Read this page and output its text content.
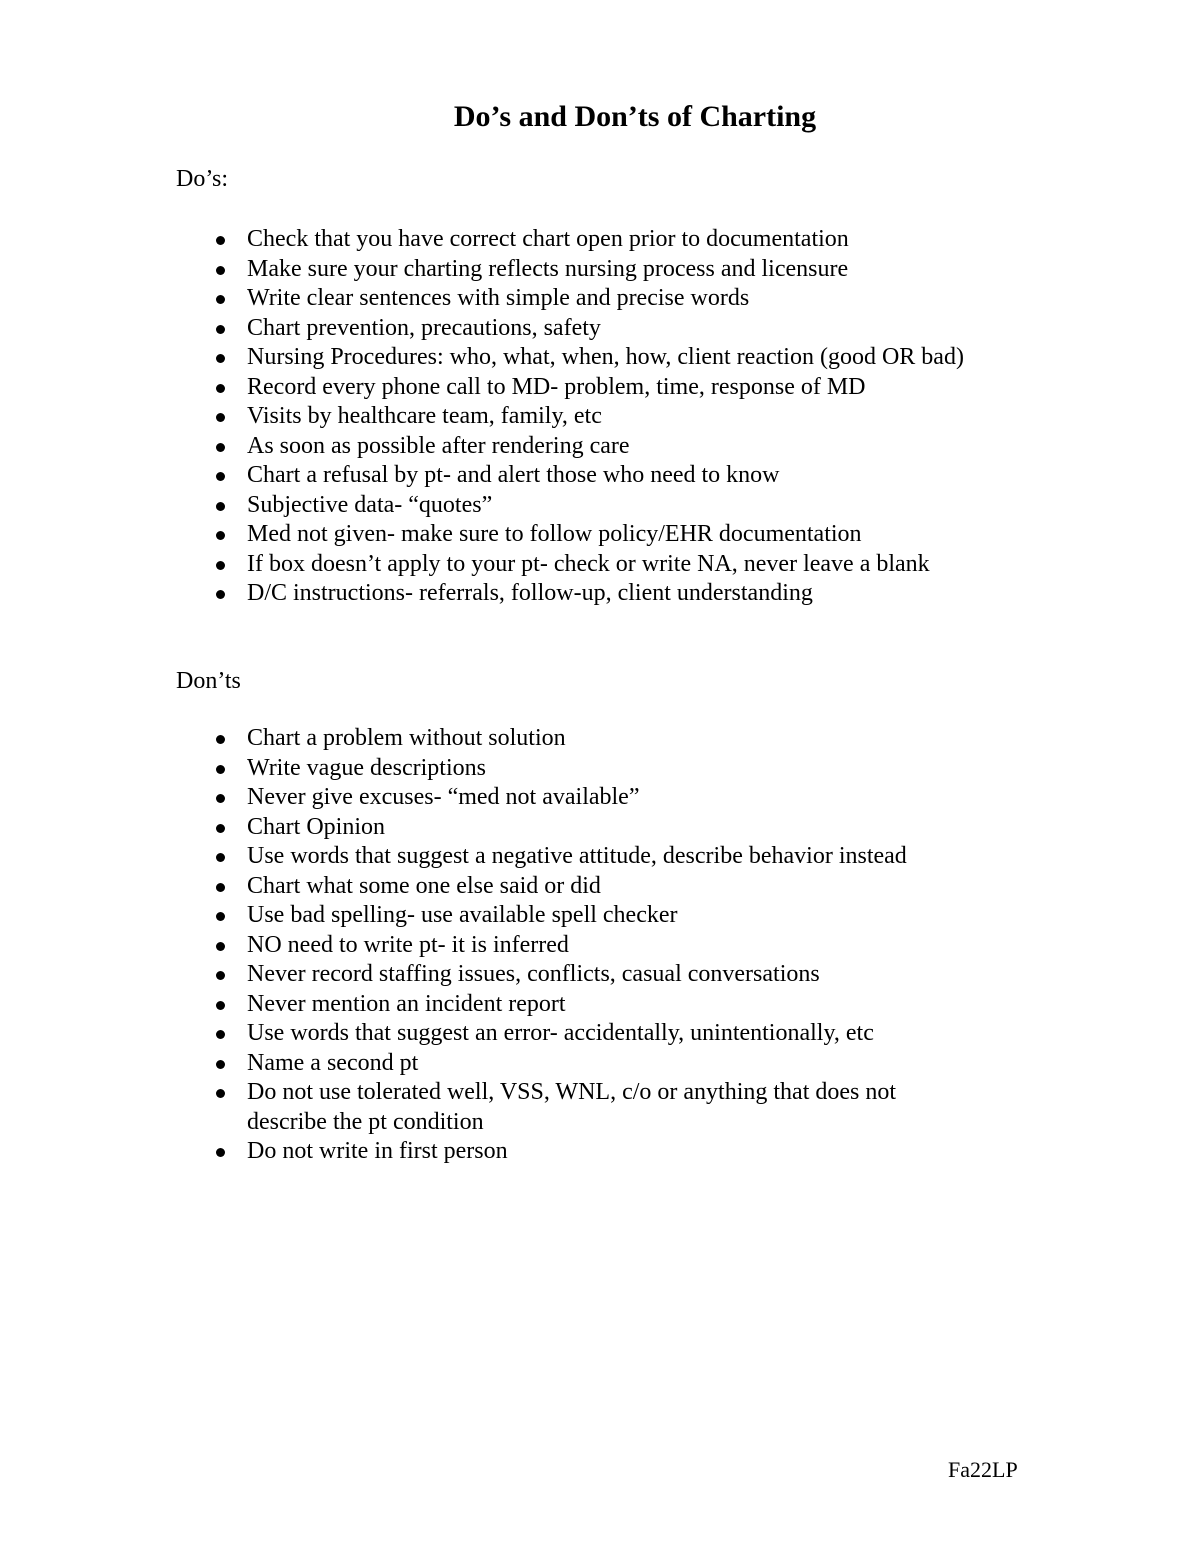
Do’s and Don’ts of Charting
Do’s:
Check that you have correct chart open prior to documentation
Make sure your charting reflects nursing process and licensure
Write clear sentences with simple and precise words
Chart prevention, precautions, safety
Nursing Procedures: who, what, when, how, client reaction (good OR bad)
Record every phone call to MD- problem, time, response of MD
Visits by healthcare team, family, etc
As soon as possible after rendering care
Chart a refusal by pt- and alert those who need to know
Subjective data- “quotes”
Med not given- make sure to follow policy/EHR documentation
If box doesn’t apply to your pt- check or write NA, never leave a blank
D/C instructions- referrals, follow-up, client understanding
Don’ts
Chart a problem without solution
Write vague descriptions
Never give excuses- “med not available”
Chart Opinion
Use words that suggest a negative attitude, describe behavior instead
Chart what some one else said or did
Use bad spelling- use available spell checker
NO need to write pt- it is inferred
Never record staffing issues, conflicts, casual conversations
Never mention an incident report
Use words that suggest an error- accidentally, unintentionally, etc
Name a second pt
Do not use tolerated well, VSS, WNL, c/o or anything that does not describe the pt condition
Do not write in first person

Fa22LP
